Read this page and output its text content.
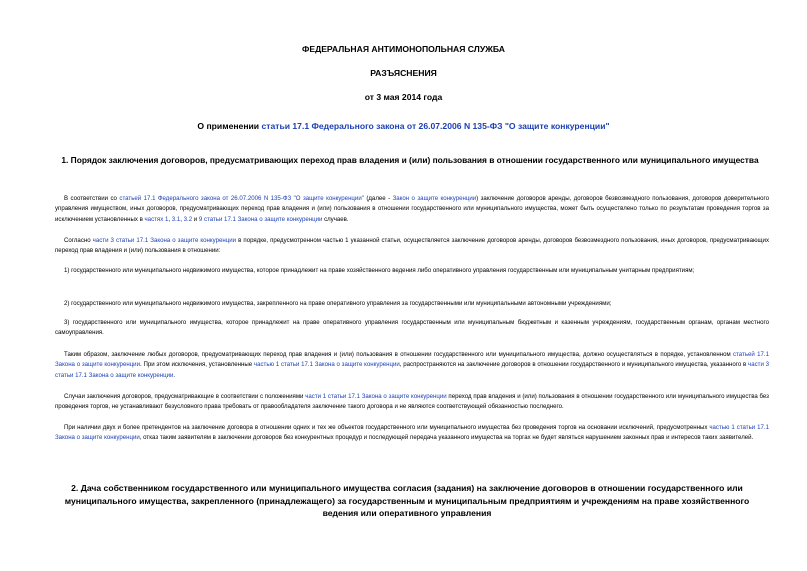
ФЕДЕРАЛЬНАЯ АНТИМОНОПОЛЬНАЯ СЛУЖБА
РАЗЪЯСНЕНИЯ
от 3 мая 2014 года
О применении статьи 17.1 Федерального закона от 26.07.2006 N 135-ФЗ "О защите конкуренции"
1. Порядок заключения договоров, предусматривающих переход прав владения и (или) пользования в отношении государственного или муниципального имущества
В соответствии со статьей 17.1 Федерального закона от 26.07.2006 N 135-ФЗ "О защите конкуренции" (далее - Закон о защите конкуренции) заключение договоров аренды, договоров безвозмездного пользования, договоров доверительного управления имуществом, иных договоров, предусматривающих переход прав владения и (или) пользования в отношении государственного или муниципального имущества, может быть осуществлено только по результатам проведения торгов за исключением установленных в частях 1, 3.1, 3.2 и 9 статьи 17.1 Закона о защите конкуренции случаев.
Согласно части 3 статьи 17.1 Закона о защите конкуренции в порядке, предусмотренном частью 1 указанной статьи, осуществляется заключение договоров аренды, договоров безвозмездного пользования, иных договоров, предусматривающих переход прав владения и (или) пользования в отношении:
1) государственного или муниципального недвижимого имущества, которое принадлежит на праве хозяйственного ведения либо оперативного управления государственным или муниципальным унитарным предприятиям;
2) государственного или муниципального недвижимого имущества, закрепленного на праве оперативного управления за государственными или муниципальными автономными учреждениями;
3) государственного или муниципального имущества, которое принадлежит на праве оперативного управления государственным или муниципальным бюджетным и казенным учреждениям, государственным органам, органам местного самоуправления.
Таким образом, заключение любых договоров, предусматривающих переход прав владения и (или) пользования в отношении государственного или муниципального имущества, должно осуществляться в порядке, установленном статьей 17.1 Закона о защите конкуренции. При этом исключения, установленные частью 1 статьи 17.1 Закона о защите конкуренции, распространяются на заключение договоров в отношении государственного и муниципального имущества, указанного в части 3 статьи 17.1 Закона о защите конкуренции.
Случаи заключения договоров, предусматривающие в соответствии с положениями части 1 статьи 17.1 Закона о защите конкуренции переход прав владения и (или) пользования в отношении государственного или муниципального имущества без проведения торгов, не устанавливают безусловного права требовать от правообладателя заключение такого договора и не являются соответствующей обязанностью последнего.
При наличии двух и более претендентов на заключение договора в отношении одних и тех же объектов государственного или муниципального имущества без проведения торгов на основании исключений, предусмотренных частью 1 статьи 17.1 Закона о защите конкуренции, отказ таким заявителям в заключении договоров без конкурентных процедур и последующей передача указанного имущества на торгах не будет являться нарушением законных прав и интересов таких заявителей.
2. Дача собственником государственного или муниципального имущества согласия (задания) на заключение договоров в отношении государственного или муниципального имущества, закрепленного (принадлежащего) за государственным и муниципальным предприятиям и учреждениям на праве хозяйственного ведения или оперативного управления
